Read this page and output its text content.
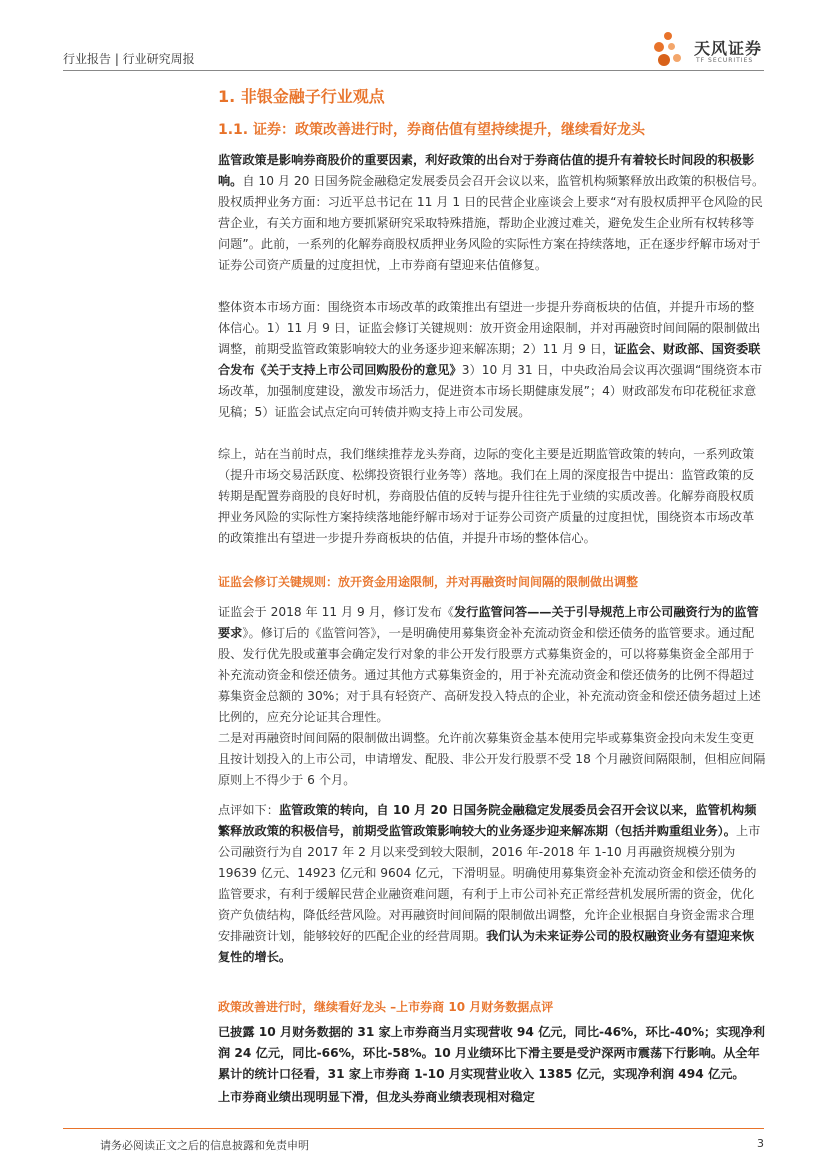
行业报告 | 行业研究周报
天风证券
TF SECURITIES
1. 非银金融子行业观点
1.1. 证券：政策改善进行时，券商估值有望持续提升，继续看好龙头

监管政策是影响券商股价的重要因素，利好政策的出台对于券商估值的提升有着较长时间段的积极影响。自 10 月 20 日国务院金融稳定发展委员会召开会议以来，监管机构频繁释放出政策的积极信号。股权质押业务方面：习近平总书记在 11 月 1 日的民营企业座谈会上要求“对有股权质押平仓风险的民营企业，有关方面和地方要抓紧研究采取特殊措施，帮助企业渡过难关，避免发生企业所有权转移等问题”。此前，一系列的化解券商股权质押业务风险的实际性方案在持续落地，正在逐步纾解市场对于证券公司资产质量的过度担忧，上市券商有望迎来估值修复。

整体资本市场方面：围绕资本市场改革的政策推出有望进一步提升券商板块的估值，并提升市场的整体信心。1）11 月 9 日，证监会修订关键规则：放开资金用途限制，并对再融资时间间隔的限制做出调整，前期受监管政策影响较大的业务逐步迎来解冻期；2）11 月 9 日，证监会、财政部、国资委联合发布《关于支持上市公司回购股份的意见》3）10 月 31 日，中央政治局会议再次强调“围绕资本市场改革，加强制度建设，激发市场活力，促进资本市场长期健康发展”；4）财政部发布印花税征求意见稿；5）证监会试点定向可转债并购支持上市公司发展。

综上，站在当前时点，我们继续推荐龙头券商，边际的变化主要是近期监管政策的转向，一系列政策（提升市场交易活跃度、松绑投资银行业务等）落地。我们在上周的深度报告中提出：监管政策的反转期是配置券商股的良好时机，券商股估值的反转与提升往往先于业绩的实质改善。化解券商股权质押业务风险的实际性方案持续落地能纾解市场对于证券公司资产质量的过度担忧，围绕资本市场改革的政策推出有望进一步提升券商板块的估值，并提升市场的整体信心。

证监会修订关键规则：放开资金用途限制，并对再融资时间间隔的限制做出调整

证监会于 2018 年 11 月 9 月，修订发布《发行监管问答——关于引导规范上市公司融资行为的监管要求》。修订后的《监管问答》，一是明确使用募集资金补充流动资金和偿还债务的监管要求。通过配股、发行优先股或董事会确定发行对象的非公开发行股票方式募集资金的，可以将募集资金全部用于补充流动资金和偿还债务。通过其他方式募集资金的，用于补充流动资金和偿还债务的比例不得超过募集资金总额的 30%；对于具有轻资产、高研发投入特点的企业，补充流动资金和偿还债务超过上述比例的，应充分论证其合理性。

二是对再融资时间间隔的限制做出调整。允许前次募集资金基本使用完毕或募集资金投向未发生变更且按计划投入的上市公司，申请增发、配股、非公开发行股票不受 18 个月融资间隔限制，但相应间隔原则上不得少于 6 个月。

点评如下：监管政策的转向，自 10 月 20 日国务院金融稳定发展委员会召开会议以来，监管机构频繁释放政策的积极信号，前期受监管政策影响较大的业务逐步迎来解冻期（包括并购重组业务）。上市公司融资行为自 2017 年 2 月以来受到较大限制，2016 年-2018 年 1-10 月再融资规模分别为 19639 亿元、14923 亿元和 9604 亿元，下滑明显。明确使用募集资金补充流动资金和偿还债务的监管要求，有利于缓解民营企业融资难问题，有利于上市公司补充正常经营机发展所需的资金，优化资产负债结构，降低经营风险。对再融资时间间隔的限制做出调整，允许企业根据自身资金需求合理安排融资计划，能够较好的匹配企业的经营周期。我们认为未来证券公司的股权融资业务有望迎来恢复性的增长。

政策改善进行时，继续看好龙头 –上市券商 10 月财务数据点评

已披露 10 月财务数据的 31 家上市券商当月实现营收 94 亿元，同比-46%，环比-40%；实现净利润 24 亿元，同比-66%，环比-58%。10 月业绩环比下滑主要是受沪深两市震荡下行影响。从全年累计的统计口径看，31 家上市券商 1-10 月实现营业收入 1385 亿元，实现净利润 494 亿元。

上市券商业绩出现明显下滑，但龙头券商业绩表现相对稳定
请务必阅读正文之后的信息披露和免责申明	3
